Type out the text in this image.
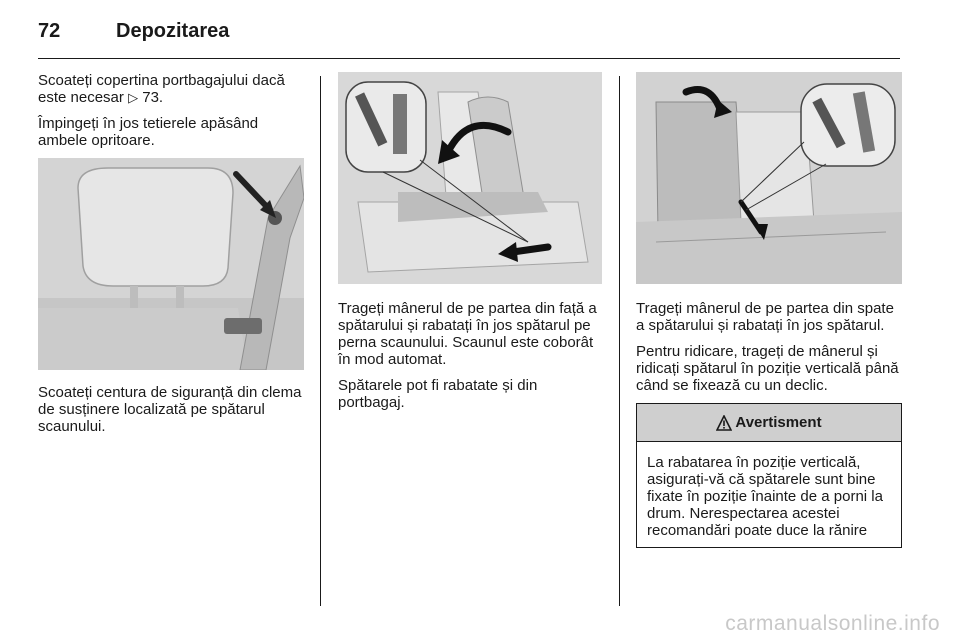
72	Depozitarea

Scoateți copertina portbagajului dacă este necesar ▷ 73.

Împingeți în jos tetierele apăsând ambele opritoare.

Scoateți centura de siguranță din clema de susținere localizată pe spătarul scaunului.

Trageți mânerul de pe partea din față a spătarului și rabatați în jos spătarul pe perna scaunului. Scaunul este coborât în mod automat.

Spătarele pot fi rabatate și din portbagaj.

Trageți mânerul de pe partea din spate a spătarului și rabatați în jos spătarul.

Pentru ridicare, trageți de mânerul și ridicați spătarul în poziție verticală până când se fixează cu un declic.

Avertisment

La rabatarea în poziție verticală, asigurați-vă că spătarele sunt bine fixate în poziție înainte de a porni la drum. Nerespectarea acestei recomandări poate duce la rănire

carmanualsonline.info
